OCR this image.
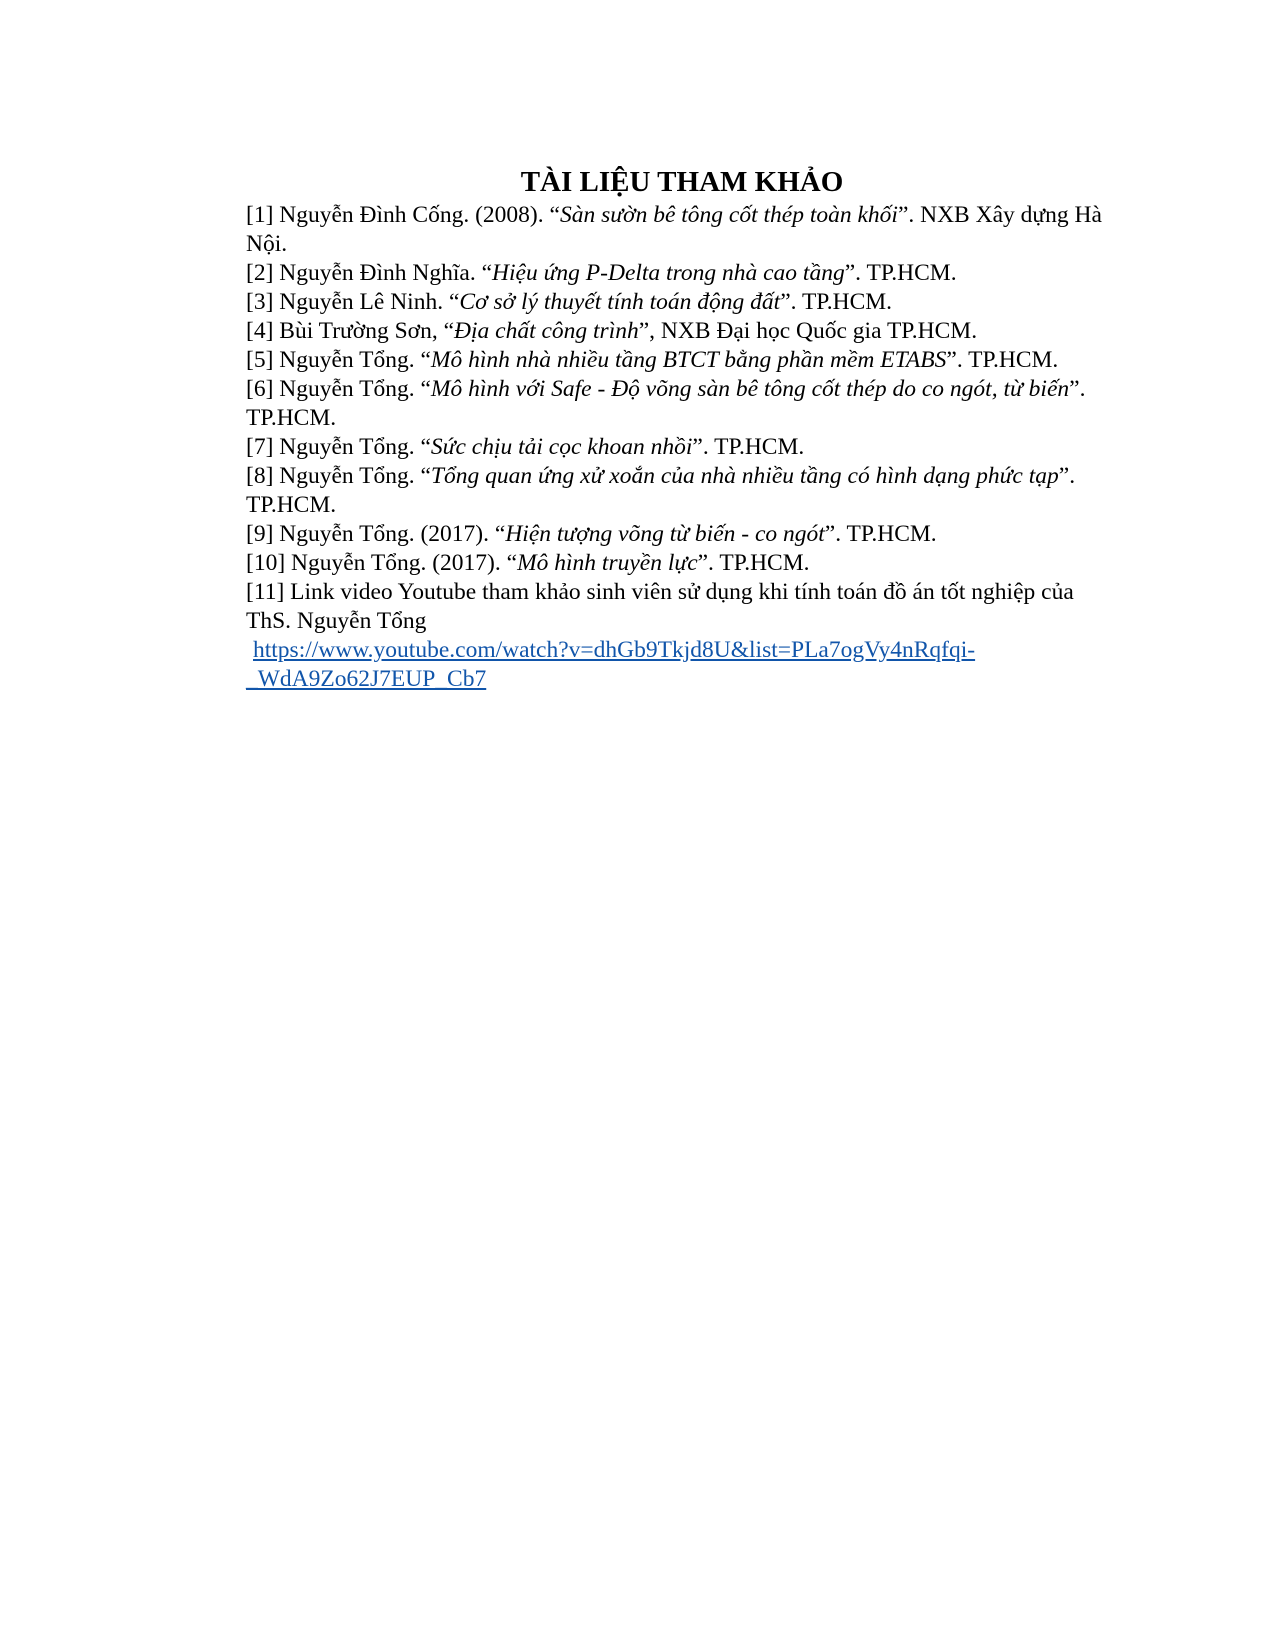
TÀI LIỆU THAM KHẢO

[1] Nguyễn Đình Cống. (2008). “Sàn sườn bê tông cốt thép toàn khối”. NXB Xây dựng Hà Nội.

[2] Nguyễn Đình Nghĩa. “Hiệu ứng P-Delta trong nhà cao tầng”. TP.HCM.

[3] Nguyễn Lê Ninh. “Cơ sở lý thuyết tính toán động đất”. TP.HCM.

[4] Bùi Trường Sơn, “Địa chất công trình”, NXB Đại học Quốc gia TP.HCM.

[5] Nguyễn Tổng. “Mô hình nhà nhiều tầng BTCT bằng phần mềm ETABS”. TP.HCM.

[6] Nguyễn Tổng. “Mô hình với Safe - Độ võng sàn bê tông cốt thép do co ngót, từ biến”. TP.HCM.

[7] Nguyễn Tổng. “Sức chịu tải cọc khoan nhồi”. TP.HCM.

[8] Nguyễn Tổng. “Tổng quan ứng xử xoắn của nhà nhiều tầng có hình dạng phức tạp”. TP.HCM.

[9] Nguyễn Tổng. (2017). “Hiện tượng võng từ biến - co ngót”. TP.HCM.

[10] Nguyễn Tổng. (2017). “Mô hình truyền lực”. TP.HCM.

[11] Link video Youtube tham khảo sinh viên sử dụng khi tính toán đồ án tốt nghiệp của ThS. Nguyễn Tổng

https://www.youtube.com/watch?v=dhGb9Tkjd8U&list=PLa7ogVy4nRqfqi-
_WdA9Zo62J7EUP_Cb7
